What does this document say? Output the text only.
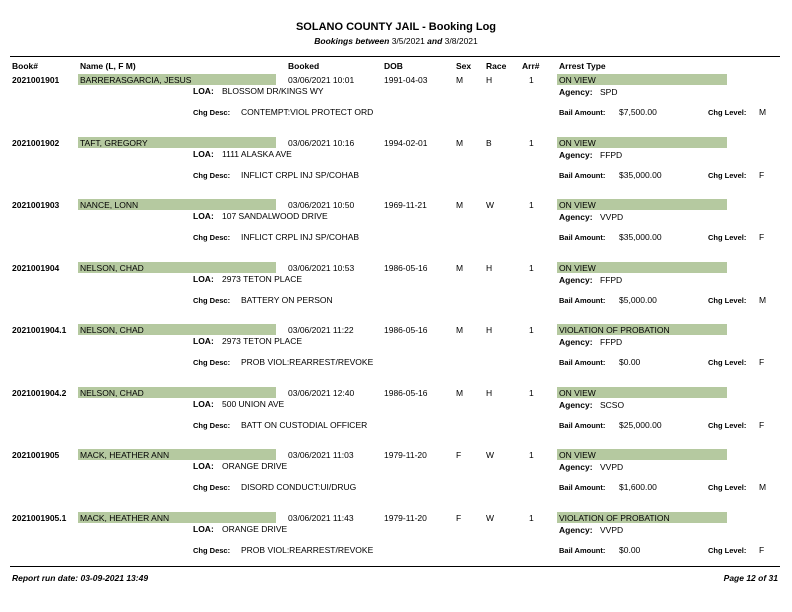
SOLANO COUNTY JAIL - Booking Log
Bookings between 3/5/2021 and 3/8/2021
Book#	Name (L, F M)	Booked	DOB	Sex Race Arr# Arrest Type
2021001901 BARRERASGARCIA, JESUS	03/06/2021 10:01	1991-04-03	M	H	1	ON VIEW
LOA: BLOSSOM DR/KINGS WY	Agency: SPD
Chg Desc: CONTEMPT:VIOL PROTECT ORD	Bail Amount: $7,500.00	Chg Level: M
2021001902 TAFT, GREGORY	03/06/2021 10:16	1994-02-01	M	B	1	ON VIEW
LOA: 1111 ALASKA AVE	Agency: FFPD
Chg Desc: INFLICT CRPL INJ SP/COHAB	Bail Amount: $35,000.00	Chg Level: F
2021001903 NANCE, LONN	03/06/2021 10:50	1969-11-21	M	W	1	ON VIEW
LOA: 107 SANDALWOOD DRIVE	Agency: VVPD
Chg Desc: INFLICT CRPL INJ SP/COHAB	Bail Amount: $35,000.00	Chg Level: F
2021001904 NELSON, CHAD	03/06/2021 10:53	1986-05-16	M	H	1	ON VIEW
LOA: 2973 TETON PLACE	Agency: FFPD
Chg Desc: BATTERY ON PERSON	Bail Amount: $5,000.00	Chg Level: M
2021001904.1 NELSON, CHAD	03/06/2021 11:22	1986-05-16	M	H	1	VIOLATION OF PROBATION
LOA: 2973 TETON PLACE	Agency: FFPD
Chg Desc: PROB VIOL:REARREST/REVOKE	Bail Amount: $0.00	Chg Level: F
2021001904.2 NELSON, CHAD	03/06/2021 12:40	1986-05-16	M	H	1	ON VIEW
LOA: 500 UNION AVE	Agency: SCSO
Chg Desc: BATT ON CUSTODIAL OFFICER	Bail Amount: $25,000.00	Chg Level: F
2021001905 MACK, HEATHER ANN	03/06/2021 11:03	1979-11-20	F	W	1	ON VIEW
LOA: ORANGE DRIVE	Agency: VVPD
Chg Desc: DISORD CONDUCT:UI/DRUG	Bail Amount: $1,600.00	Chg Level: M
2021001905.1 MACK, HEATHER ANN	03/06/2021 11:43	1979-11-20	F	W	1	VIOLATION OF PROBATION
LOA: ORANGE DRIVE	Agency: VVPD
Chg Desc: PROB VIOL:REARREST/REVOKE	Bail Amount: $0.00	Chg Level: F
Report run date: 03-09-2021 13:49	Page 12 of 31
